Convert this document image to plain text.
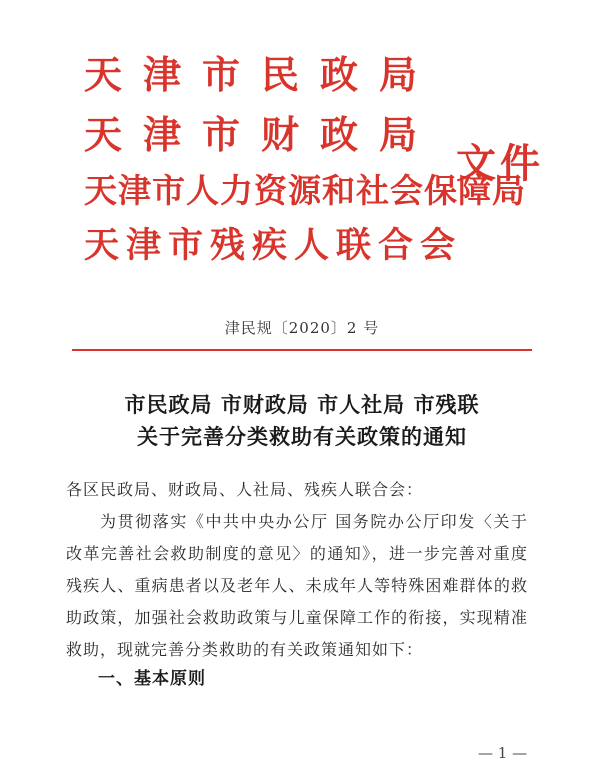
天津市民政局
天津市财政局
天津市人力资源和社会保障局
天津市残疾人联合会
文件
津民规〔2020〕2 号
市民政局 市财政局 市人社局 市残联
关于完善分类救助有关政策的通知
各区民政局、财政局、人社局、残疾人联合会：
为贯彻落实《中共中央办公厅 国务院办公厅印发〈关于改革完善社会救助制度的意见〉的通知》，进一步完善对重度残疾人、重病患者以及老年人、未成年人等特殊困难群体的救助政策，加强社会救助政策与儿童保障工作的衔接，实现精准救助，现就完善分类救助的有关政策通知如下：
一、基本原则
— 1 —
